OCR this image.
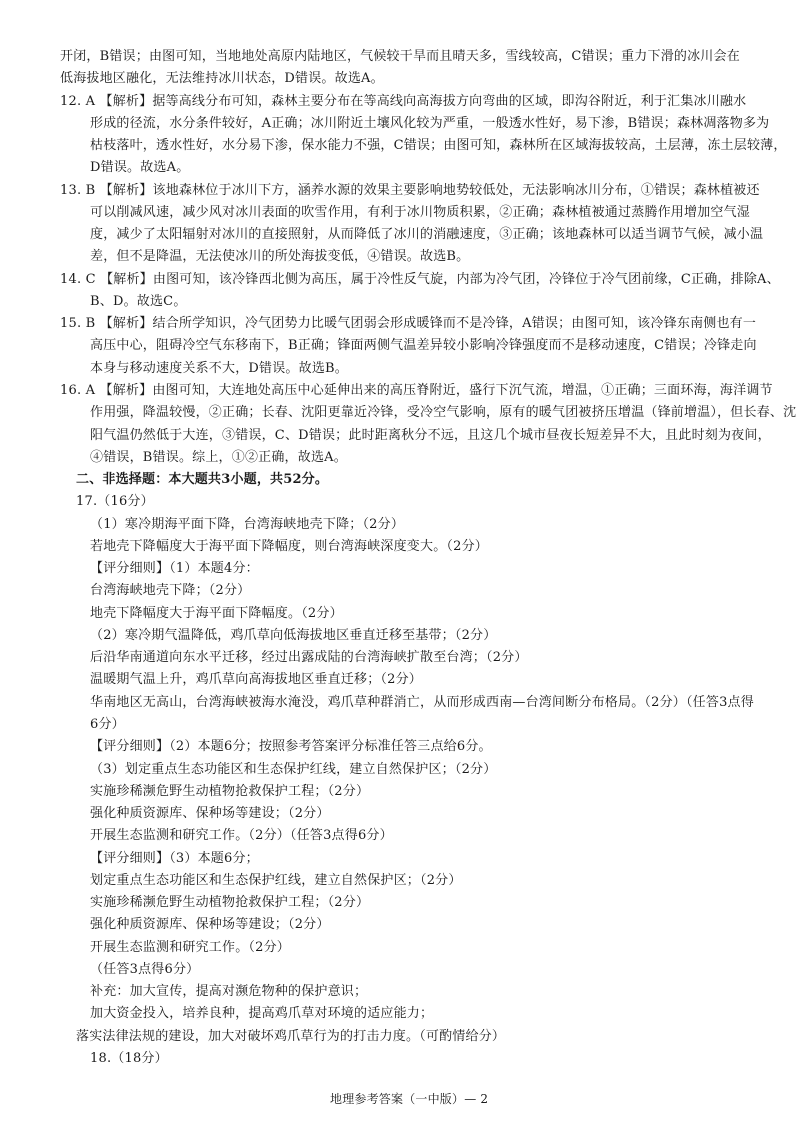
开闭，B错误；由图可知，当地地处高原内陆地区，气候较干旱而且晴天多，雪线较高，C错误；重力下滑的冰川会在
低海拔地区融化，无法维持冰川状态，D错误。故选A。
12. A 【解析】据等高线分布可知，森林主要分布在等高线向高海拔方向弯曲的区域，即沟谷附近，利于汇集冰川融水
形成的径流，水分条件较好，A正确；冰川附近土壤风化较为严重，一般透水性好，易下渗，B错误；森林凋落物多为
枯枝落叶，透水性好，水分易下渗，保水能力不强，C错误；由图可知，森林所在区域海拔较高，土层薄，冻土层较薄，
D错误。故选A。
13. B 【解析】该地森林位于冰川下方，涵养水源的效果主要影响地势较低处，无法影响冰川分布，①错误；森林植被还
可以削减风速，减少风对冰川表面的吹雪作用，有利于冰川物质积累，②正确；森林植被通过蒸腾作用增加空气湿
度，减少了太阳辐射对冰川的直接照射，从而降低了冰川的消融速度，③正确；该地森林可以适当调节气候，减小温
差，但不是降温，无法使冰川的所处海拔变低，④错误。故选B。
14. C 【解析】由图可知，该冷锋西北侧为高压，属于冷性反气旋，内部为冷气团，冷锋位于冷气团前缘，C正确，排除A、
B、D。故选C。
15. B 【解析】结合所学知识，冷气团势力比暖气团弱会形成暖锋而不是冷锋，A错误；由图可知，该冷锋东南侧也有一
高压中心，阻碍冷空气东移南下，B正确；锋面两侧气温差异较小影响冷锋强度而不是移动速度，C错误；冷锋走向
本身与移动速度关系不大，D错误。故选B。
16. A 【解析】由图可知，大连地处高压中心延伸出来的高压脊附近，盛行下沉气流，增温，①正确；三面环海，海洋调节
作用强，降温较慢，②正确；长春、沈阳更靠近冷锋，受冷空气影响，原有的暖气团被挤压增温（锋前增温），但长春、沈
阳气温仍然低于大连，③错误，C、D错误；此时距离秋分不远，且这几个城市昼夜长短差异不大，且此时刻为夜间，
④错误，B错误。综上，①②正确，故选A。
二、非选择题：本大题共3小题，共52分。
17.（16分）
（1）寒冷期海平面下降，台湾海峡地壳下降；（2分）
若地壳下降幅度大于海平面下降幅度，则台湾海峡深度变大。（2分）
【评分细则】（1）本题4分：
台湾海峡地壳下降；（2分）
地壳下降幅度大于海平面下降幅度。（2分）
（2）寒冷期气温降低，鸡爪草向低海拔地区垂直迁移至基带；（2分）
后沿华南通道向东水平迁移，经过出露成陆的台湾海峡扩散至台湾；（2分）
温暖期气温上升，鸡爪草向高海拔地区垂直迁移；（2分）
华南地区无高山，台湾海峡被海水淹没，鸡爪草种群消亡，从而形成西南—台湾间断分布格局。（2分）（任答3点得
6分）
【评分细则】（2）本题6分；按照参考答案评分标准任答三点给6分。
（3）划定重点生态功能区和生态保护红线，建立自然保护区；（2分）
实施珍稀濒危野生动植物抢救保护工程；（2分）
强化种质资源库、保种场等建设；（2分）
开展生态监测和研究工作。（2分）（任答3点得6分）
【评分细则】（3）本题6分；
划定重点生态功能区和生态保护红线，建立自然保护区；（2分）
实施珍稀濒危野生动植物抢救保护工程；（2分）
强化种质资源库、保种场等建设；（2分）
开展生态监测和研究工作。（2分）
（任答3点得6分）
补充：加大宣传，提高对濒危物种的保护意识；
加大资金投入，培养良种，提高鸡爪草对环境的适应能力；
落实法律法规的建设，加大对破坏鸡爪草行为的打击力度。（可酌情给分）
18.（18分）
地理参考答案（一中版）— 2
